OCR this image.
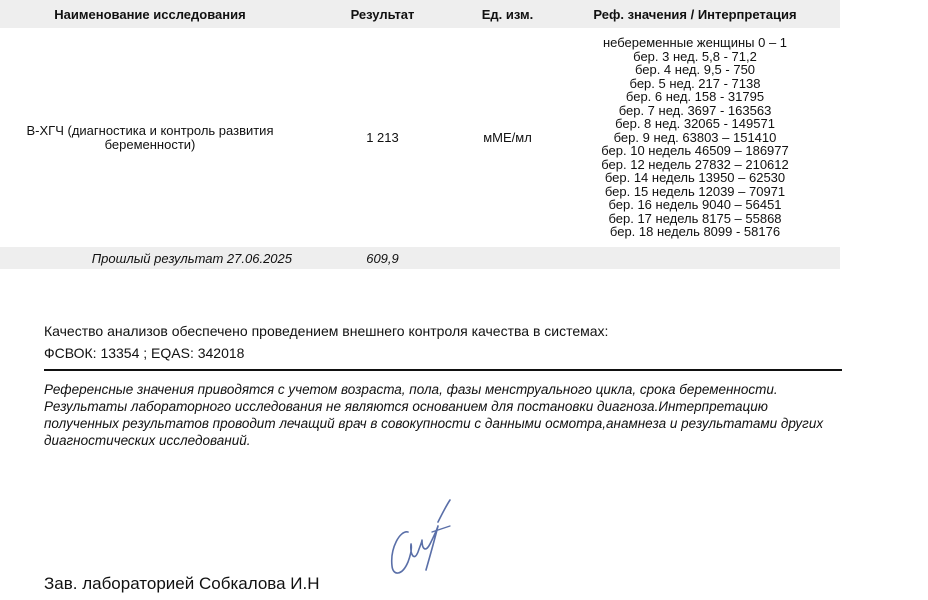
Наименование исследования	Результат	Ед. изм.	Реф. значения / Интерпретация
B-ХГЧ (диагностика и контроль развития беременности)	1 213	мМЕ/мл
небеременные женщины 0 – 1
бер. 3 нед. 5,8 - 71,2
бер. 4 нед. 9,5 - 750
бер. 5 нед. 217 - 7138
бер. 6 нед. 158 - 31795
бер. 7 нед. 3697 - 163563
бер. 8 нед. 32065 - 149571
бер. 9 нед. 63803 – 151410
бер. 10 недель 46509 – 186977
бер. 12 недель 27832 – 210612
бер. 14 недель 13950 – 62530
бер. 15 недель 12039 – 70971
бер. 16 недель 9040 – 56451
бер. 17 недель 8175 – 55868
бер. 18 недель 8099 - 58176
Прошлый результат 27.06.2025	609,9
Качество анализов обеспечено проведением внешнего контроля качества в системах:
ФСВОК: 13354 ; EQAS: 342018
Референсные значения приводятся с учетом возраста, пола, фазы менструального цикла, срока беременности. Результаты лабораторного исследования не являются основанием для постановки диагноза.Интерпретацию полученных результатов проводит лечащий врач в совокупности с данными осмотра,анамнеза и результатами других диагностических исследований.
Зав. лабораторией Собкалова И.Н
